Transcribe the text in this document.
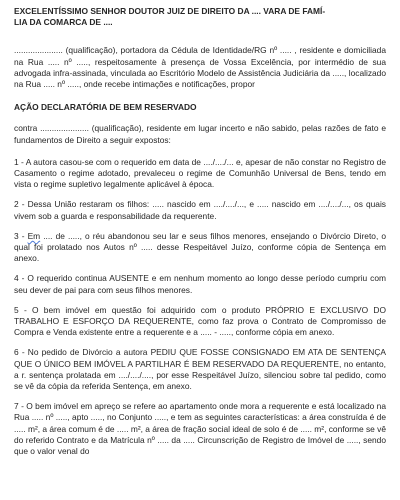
EXCELENTÍSSIMO SENHOR DOUTOR JUIZ DE DIREITO DA .... VARA DE FAMÍ-
LIA DA COMARCA DE ....

..................... (qualificação), portadora da Cédula de Identidade/RG nº ..... , residente e domiciliada na Rua ..... nº ....., respeitosamente à presença de Vossa Excelência, por intermédio de sua advogada infra-assinada, vinculada ao Escritório Modelo de Assistência Judiciária da ....., localizado na Rua ..... nº ....., onde recebe intimações e notificações, propor

AÇÃO DECLARATÓRIA DE BEM RESERVADO

contra ..................... (qualificação), residente em lugar incerto e não sabido, pelas razões de fato e fundamentos de Direito a seguir expostos:

1 - A autora casou-se com o requerido em data de ..../..../... e, apesar de não constar no Registro de Casamento o regime adotado, prevaleceu o regime de Comunhão Universal de Bens, tendo em vista o regime supletivo legalmente aplicável à época.

2 - Dessa União restaram os filhos: ..... nascido em ..../..../..., e ..... nascido em ..../..../..., os quais vivem sob a guarda e responsabilidade da requerente.

3 - Em .... de ....., o réu abandonou seu lar e seus filhos menores, ensejando o Divórcio Direto, o qual foi prolatado nos Autos nº ..... desse Respeitável Juízo, conforme cópia de Sentença em anexo.

4 - O requerido continua AUSENTE e em nenhum momento ao longo desse período cumpriu com seu dever de pai para com seus filhos menores.

5 - O bem imóvel em questão foi adquirido com o produto PRÓPRIO E EXCLUSIVO DO TRABALHO E ESFORÇO DA REQUERENTE, como faz prova o Contrato de Compromisso de Compra e Venda existente entre a requerente e a ..... - ....., conforme cópia em anexo.

6 - No pedido de Divórcio a autora PEDIU QUE FOSSE CONSIGNADO EM ATA DE SENTENÇA QUE O ÚNICO BEM IMÓVEL A PARTILHAR É BEM RESERVADO DA REQUERENTE, no entanto, a r. sentença prolatada em ..../..../...., por esse Respeitável Juízo, silenciou sobre tal pedido, como se vê da cópia da referida Sentença, em anexo.

7 - O bem imóvel em apreço se refere ao apartamento onde mora a requerente e está localizado na Rua ..... nº ....., apto ....., no Conjunto ....., e tem as seguintes características: a área construída é de ..... m², a área comum é de ..... m², a área de fração social ideal de solo é de ..... m², conforme se vê do referido Contrato e da Matrícula nº ..... da ..... Circunscrição de Registro de Imóvel de ....., sendo que o valor venal do
